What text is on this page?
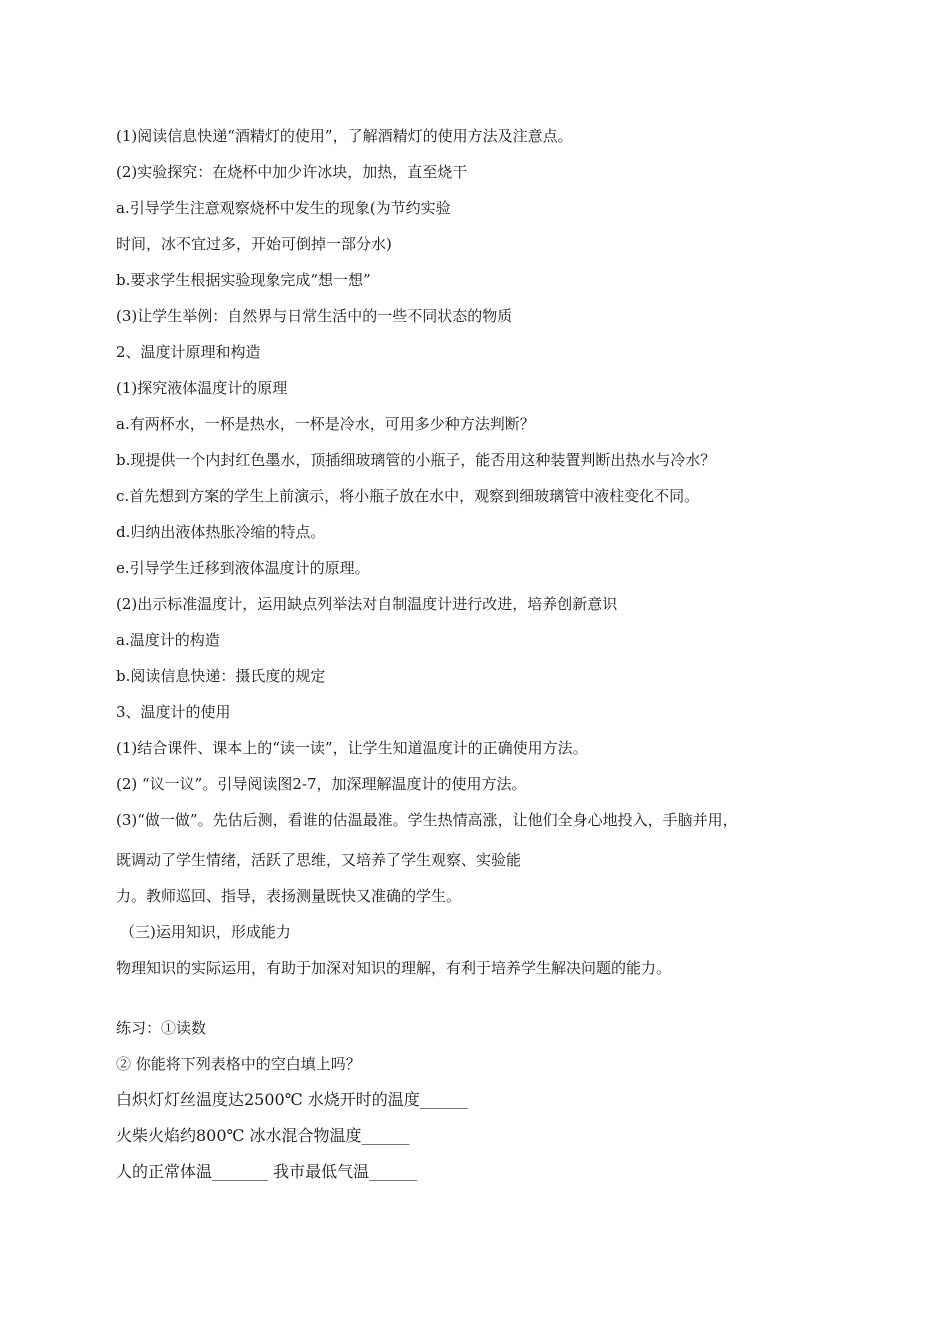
(1)阅读信息快递“酒精灯的使用”，了解酒精灯的使用方法及注意点。
(2)实验探究：在烧杯中加少许冰块，加热，直至烧干
a.引导学生注意观察烧杯中发生的现象(为节约实验
时间，冰不宜过多，开始可倒掉一部分水)
b.要求学生根据实验现象完成“想一想”
(3)让学生举例：自然界与日常生活中的一些不同状态的物质
2、温度计原理和构造
(1)探究液体温度计的原理
a.有两杯水，一杯是热水，一杯是冷水，可用多少种方法判断？
b.现提供一个内封红色墨水，顶插细玻璃管的小瓶子，能否用这种装置判断出热水与冷水？
c.首先想到方案的学生上前演示，将小瓶子放在水中，观察到细玻璃管中液柱变化不同。
d.归纳出液体热胀冷缩的特点。
e.引导学生迁移到液体温度计的原理。
(2)出示标准温度计，运用缺点列举法对自制温度计进行改进，培养创新意识
a.温度计的构造
b.阅读信息快递：摄氏度的规定
3、温度计的使用
(1)结合课件、课本上的“读一读”，让学生知道温度计的正确使用方法。
(2) “议一议”。引导阅读图2-7，加深理解温度计的使用方法。
(3)“做一做”。先估后测，看谁的估温最准。学生热情高涨，让他们全身心地投入，手脑并用，
既调动了学生情绪，活跃了思维，又培养了学生观察、实验能
力。教师巡回、指导，表扬测量既快又准确的学生。
（三)运用知识，形成能力
物理知识的实际运用，有助于加深对知识的理解，有利于培养学生解决问题的能力。
练习：①读数
② 你能将下列表格中的空白填上吗？
白炽灯灯丝温度达2500℃ 水烧开时的温度______
火柴火焰约800℃ 冰水混合物温度______
人的正常体温_______ 我市最低气温______
